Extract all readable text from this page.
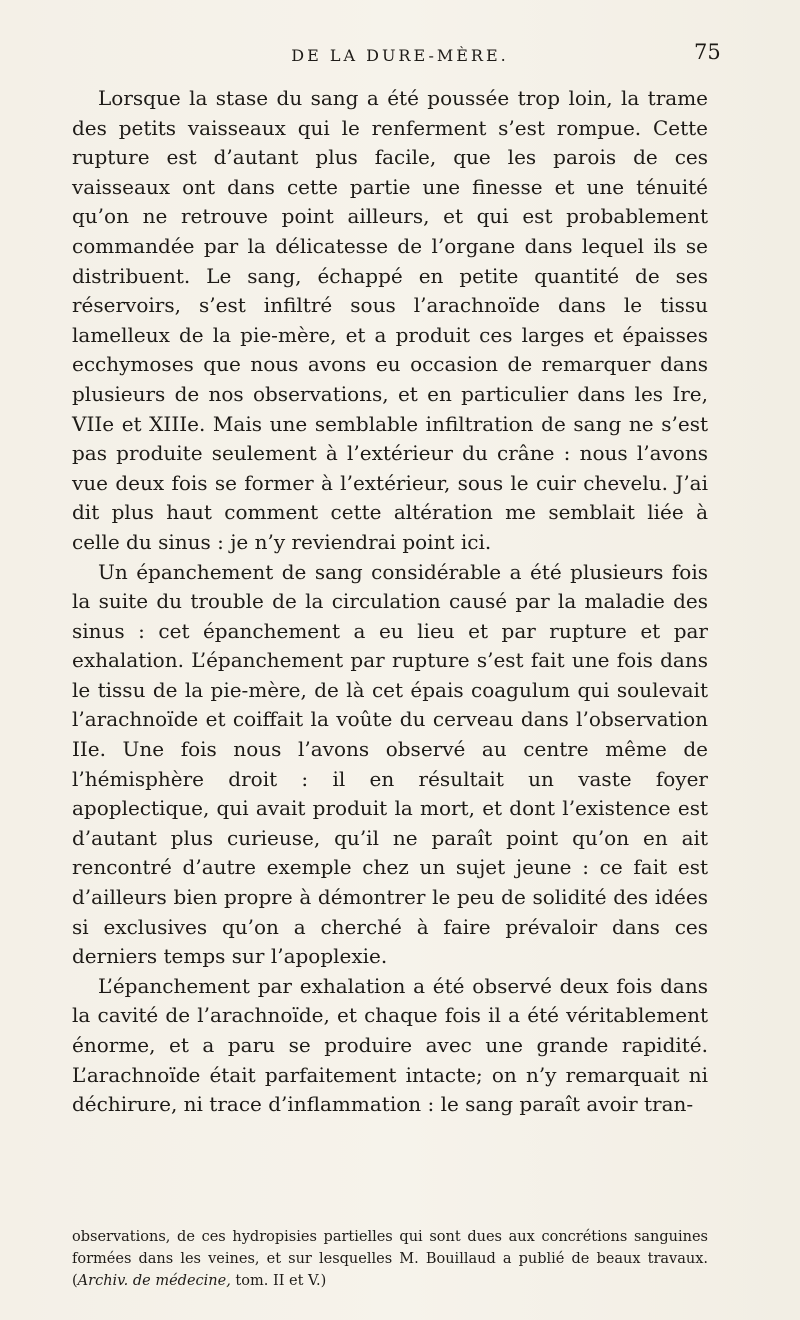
DE LA DURE-MÈRE.	75

Lorsque la stase du sang a été poussée trop loin, la trame des petits vaisseaux qui le renferment s’est rompue. Cette rupture est d’autant plus facile, que les parois de ces vaisseaux ont dans cette partie une finesse et une ténuité qu’on ne retrouve point ailleurs, et qui est probablement commandée par la délicatesse de l’organe dans lequel ils se distribuent. Le sang, échappé en petite quantité de ses réservoirs, s’est infiltré sous l’arachnoïde dans le tissu lamelleux de la pie-mère, et a produit ces larges et épaisses ecchymoses que nous avons eu occasion de remarquer dans plusieurs de nos observations, et en particulier dans les Ire, VIIe et XIIIe. Mais une semblable infiltration de sang ne s’est pas produite seulement à l’extérieur du crâne : nous l’avons vue deux fois se former à l’extérieur, sous le cuir chevelu. J’ai dit plus haut comment cette altération me semblait liée à celle du sinus : je n’y reviendrai point ici.

Un épanchement de sang considérable a été plusieurs fois la suite du trouble de la circulation causé par la maladie des sinus : cet épanchement a eu lieu et par rupture et par exhalation. L’épanchement par rupture s’est fait une fois dans le tissu de la pie-mère, de là cet épais coagulum qui soulevait l’arachnoïde et coiffait la voûte du cerveau dans l’observation IIe. Une fois nous l’avons observé au centre même de l’hémisphère droit : il en résultait un vaste foyer apoplectique, qui avait produit la mort, et dont l’existence est d’autant plus curieuse, qu’il ne paraît point qu’on en ait rencontré d’autre exemple chez un sujet jeune : ce fait est d’ailleurs bien propre à démontrer le peu de solidité des idées si exclusives qu’on a cherché à faire prévaloir dans ces derniers temps sur l’apoplexie.

L’épanchement par exhalation a été observé deux fois dans la cavité de l’arachnoïde, et chaque fois il a été véritablement énorme, et a paru se produire avec une grande rapidité. L’arachnoïde était parfaitement intacte; on n’y remarquait ni déchirure, ni trace d’inflammation : le sang paraît avoir tran-

observations, de ces hydropisies partielles qui sont dues aux concrétions sanguines formées dans les veines, et sur lesquelles M. Bouillaud a publié de beaux travaux. (Archiv. de médecine, tom. II et V.)
